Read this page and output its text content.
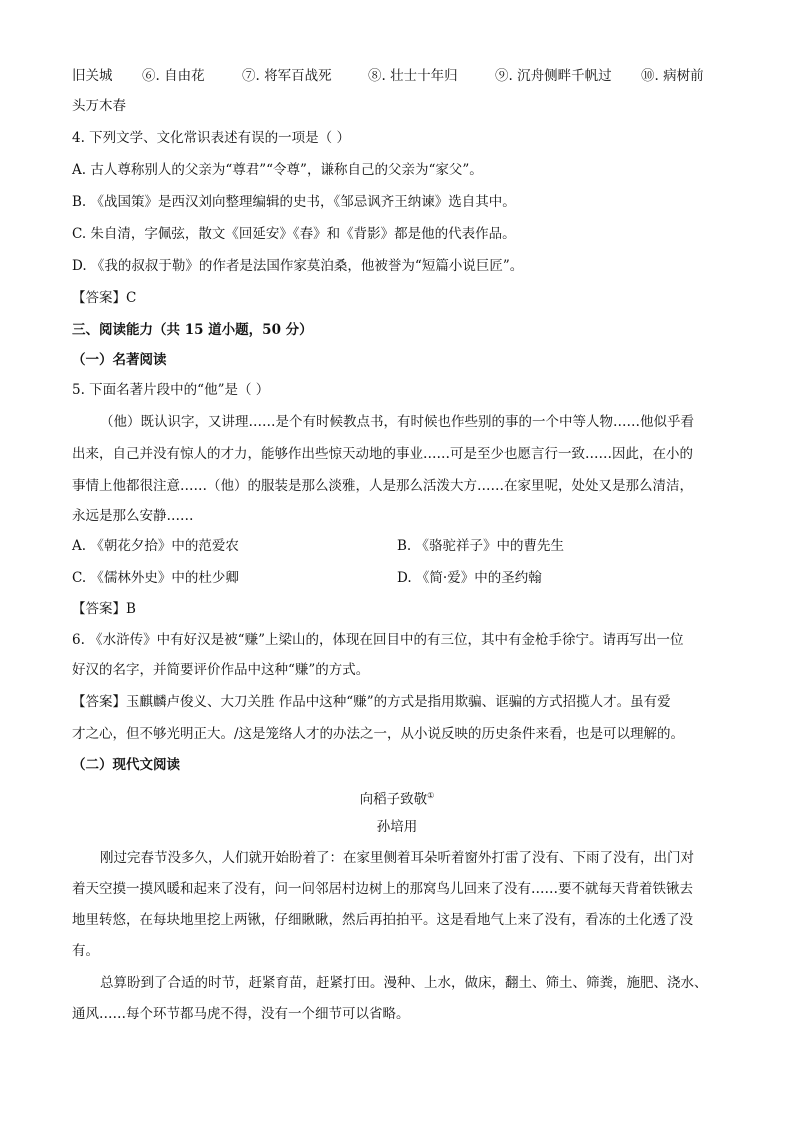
旧关城 ⑥. 自由花	⑦. 将军百战死	⑧. 壮士十年归	⑨. 沉舟侧畔千帆过 ⑩. 病树前
头万木春
4. 下列文学、文化常识表述有误的一项是（ ）
A. 古人尊称别人的父亲为“尊君”“令尊”，谦称自己的父亲为“家父”。
B. 《战国策》是西汉刘向整理编辑的史书，《邹忌讽齐王纳谏》选自其中。
C. 朱自清，字佩弦，散文《回延安》《春》和《背影》都是他的代表作品。
D. 《我的叔叔于勒》的作者是法国作家莫泊桑，他被誉为“短篇小说巨匠”。
【答案】C
三、阅读能力（共 15 道小题，50 分）
（一）名著阅读
5. 下面名著片段中的“他”是（ ）
（他）既认识字，又讲理……是个有时候教点书，有时候也作些别的事的一个中等人物……他似乎看
出来，自己并没有惊人的才力，能够作出些惊天动地的事业……可是至少也愿言行一致……因此，在小的
事情上他都很注意……（他）的服装是那么淡雅，人是那么活泼大方……在家里呢，处处又是那么清洁，
永远是那么安静……
A. 《朝花夕拾》中的范爱农	B. 《骆驼祥子》中的曹先生
C. 《儒林外史》中的杜少卿	D. 《简·爱》中的圣约翰
【答案】B
6. 《水浒传》中有好汉是被“赚”上梁山的，体现在回目中的有三位，其中有金枪手徐宁。请再写出一位
好汉的名字，并简要评价作品中这种“赚”的方式。
【答案】玉麒麟卢俊义、大刀关胜 作品中这种“赚”的方式是指用欺骗、诓骗的方式招揽人才。虽有爱
才之心，但不够光明正大。/这是笼络人才的办法之一，从小说反映的历史条件来看，也是可以理解的。
（二）现代文阅读
向稻子致敬①
孙培用
刚过完春节没多久，人们就开始盼着了：在家里侧着耳朵听着窗外打雷了没有、下雨了没有，出门对
着天空摸一摸风暖和起来了没有，问一问邻居村边树上的那窝鸟儿回来了没有……要不就每天背着铁锹去
地里转悠，在每块地里挖上两锹，仔细瞅瞅，然后再拍拍平。这是看地气上来了没有，看冻的土化透了没
有。
总算盼到了合适的时节，赶紧育苗，赶紧打田。漫种、上水，做床，翻土、筛土、筛粪，施肥、浇水、
通风……每个环节都马虎不得，没有一个细节可以省略。
